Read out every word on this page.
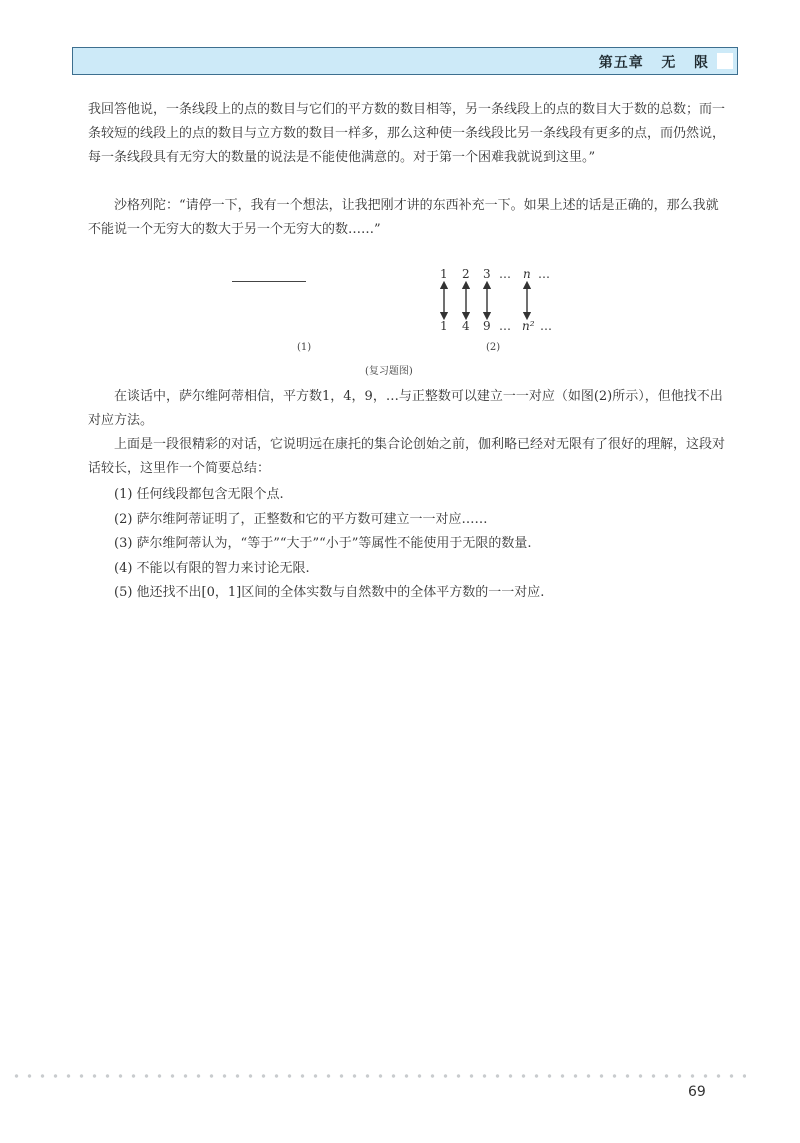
第五章   无   限

我回答他说，一条线段上的点的数目与它们的平方数的数目相等，另一条线段上的点的数目大于数的总数；而一条较短的线段上的点的数目与立方数的数目一样多，那么这种使一条线段比另一条线段有更多的点，而仍然说，每一条线段具有无穷大的数量的说法是不能使他满意的。对于第一个困难我就说到这里。”

沙格列陀：“请停一下，我有一个想法，让我把刚才讲的东西补充一下。如果上述的话是正确的，那么我就不能说一个无穷大的数大于另一个无穷大的数……”

1 2 3 … n …
1 4 9 … n² …
(1)	(2)
(复习题图)

在谈话中，萨尔维阿蒂相信，平方数1，4，9，…与正整数可以建立一一对应（如图(2)所示），但他找不出对应方法。

上面是一段很精彩的对话，它说明远在康托的集合论创始之前，伽利略已经对无限有了很好的理解，这段对话较长，这里作一个简要总结：

(1) 任何线段都包含无限个点.
(2) 萨尔维阿蒂证明了，正整数和它的平方数可建立一一对应……
(3) 萨尔维阿蒂认为，“等于”“大于”“小于”等属性不能使用于无限的数量.
(4) 不能以有限的智力来讨论无限.
(5) 他还找不出[0，1]区间的全体实数与自然数中的全体平方数的一一对应.
69
